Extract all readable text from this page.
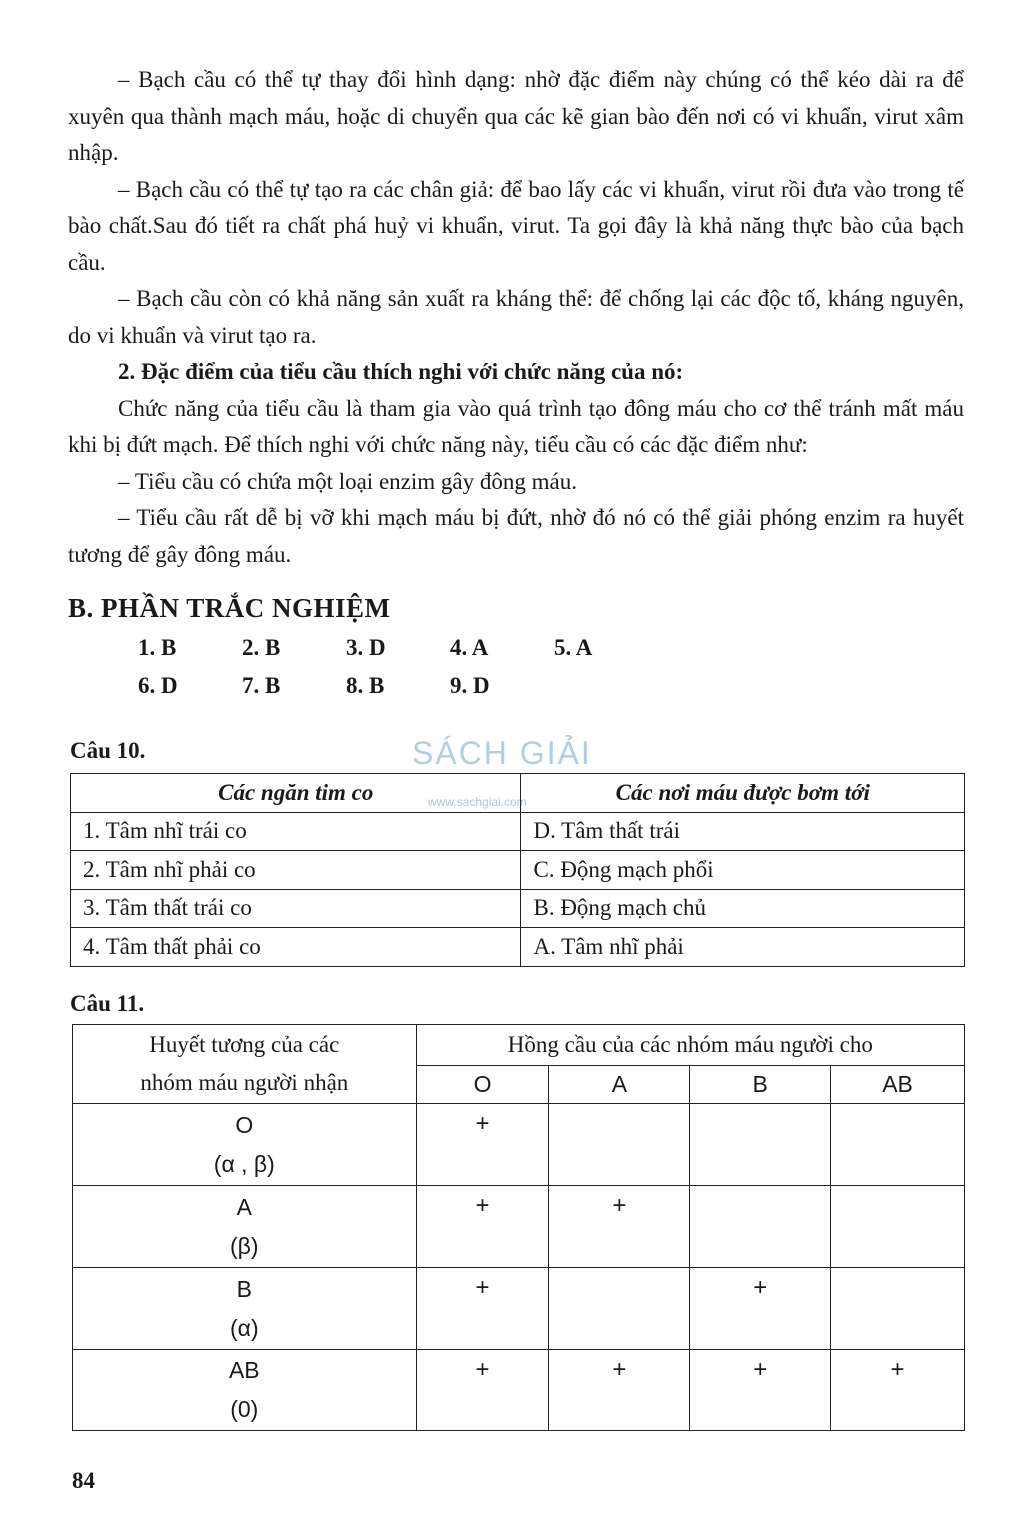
– Bạch cầu có thể tự thay đổi hình dạng: nhờ đặc điểm này chúng có thể kéo dài ra để xuyên qua thành mạch máu, hoặc di chuyển qua các kẽ gian bào đến nơi có vi khuẩn, virut xâm nhập.

– Bạch cầu có thể tự tạo ra các chân giả: để bao lấy các vi khuẩn, virut rồi đưa vào trong tế bào chất.Sau đó tiết ra chất phá huỷ vi khuẩn, virut. Ta gọi đây là khả năng thực bào của bạch cầu.

– Bạch cầu còn có khả năng sản xuất ra kháng thể: để chống lại các độc tố, kháng nguyên, do vi khuẩn và virut tạo ra.

2. Đặc điểm của tiểu cầu thích nghi với chức năng của nó:

Chức năng của tiểu cầu là tham gia vào quá trình tạo đông máu cho cơ thể tránh mất máu khi bị đứt mạch. Để thích nghi với chức năng này, tiểu cầu có các đặc điểm như:

– Tiểu cầu có chứa một loại enzim gây đông máu.

– Tiểu cầu rất dễ bị vỡ khi mạch máu bị đứt, nhờ đó nó có thể giải phóng enzim ra huyết tương để gây đông máu.

B. PHẦN TRẮC NGHIỆM
1. B	2. B	3. D	4. A	5. A
6. D	7. B	8. B	9. D
Câu 10.	SÁCH GIẢI
www.sachgiai.com
Các ngăn tim co	Các nơi máu được bơm tới
1. Tâm nhĩ trái co	D. Tâm thất trái
2. Tâm nhĩ phải co	C. Động mạch phổi
3. Tâm thất trái co	B. Động mạch chủ
4. Tâm thất phải co	A. Tâm nhĩ phải
Câu 11.
Huyết tương của các
nhóm máu người nhận	Hồng cầu của các nhóm máu người cho			
	O	A	B	AB

O
(α , β)	+			

A
(β)	+	+		

B
(α)	+		+	

AB
(0)	+	+	+	+
84
